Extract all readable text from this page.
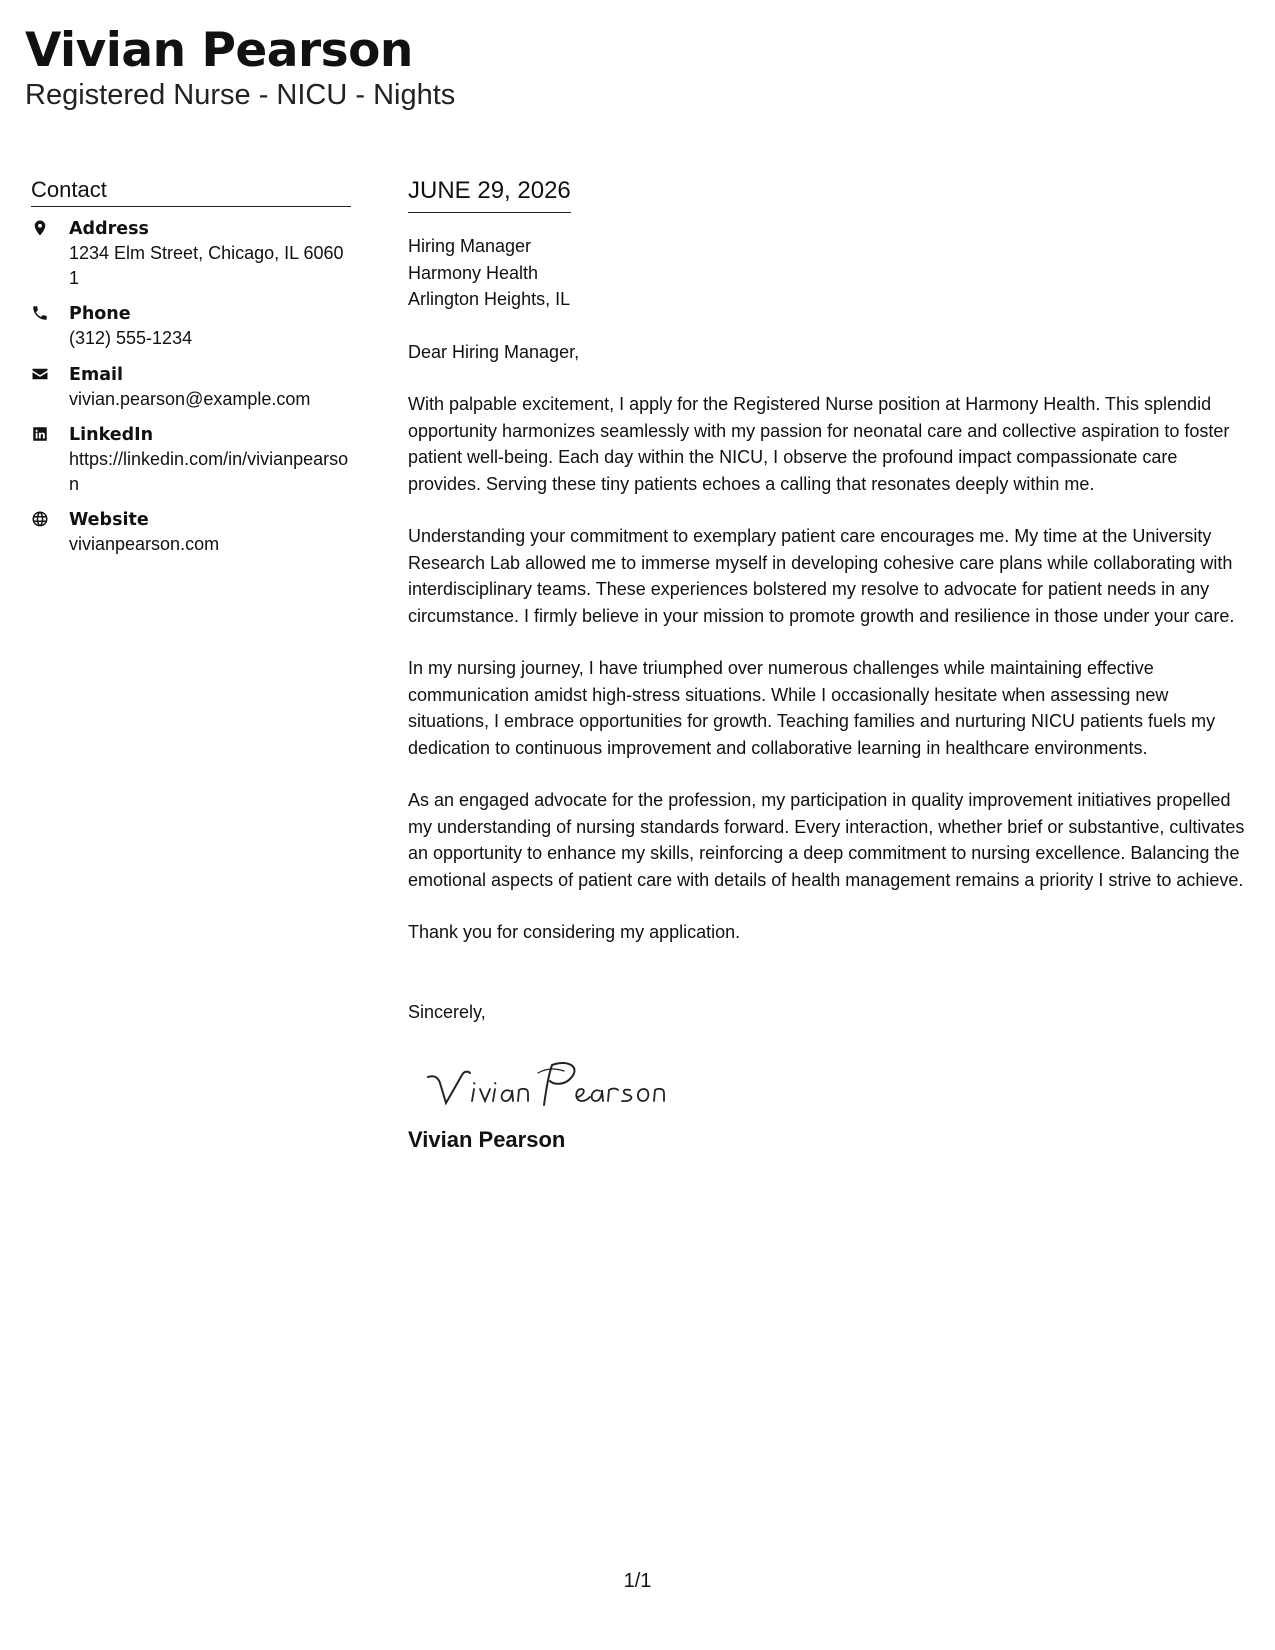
Vivian Pearson
Registered Nurse - NICU - Nights
Contact
Address
1234 Elm Street, Chicago, IL 60601
Phone
(312) 555-1234
Email
vivian.pearson@example.com
LinkedIn
https://linkedin.com/in/vivianpearson
Website
vivianpearson.com
JUNE 29, 2026
Hiring Manager
Harmony Health
Arlington Heights, IL
Dear Hiring Manager,
With palpable excitement, I apply for the Registered Nurse position at Harmony Health. This splendid opportunity harmonizes seamlessly with my passion for neonatal care and collective aspiration to foster patient well-being. Each day within the NICU, I observe the profound impact compassionate care provides. Serving these tiny patients echoes a calling that resonates deeply within me.
Understanding your commitment to exemplary patient care encourages me. My time at the University Research Lab allowed me to immerse myself in developing cohesive care plans while collaborating with interdisciplinary teams. These experiences bolstered my resolve to advocate for patient needs in any circumstance. I firmly believe in your mission to promote growth and resilience in those under your care.
In my nursing journey, I have triumphed over numerous challenges while maintaining effective communication amidst high-stress situations. While I occasionally hesitate when assessing new situations, I embrace opportunities for growth. Teaching families and nurturing NICU patients fuels my dedication to continuous improvement and collaborative learning in healthcare environments.
As an engaged advocate for the profession, my participation in quality improvement initiatives propelled my understanding of nursing standards forward. Every interaction, whether brief or substantive, cultivates an opportunity to enhance my skills, reinforcing a deep commitment to nursing excellence. Balancing the emotional aspects of patient care with details of health management remains a priority I strive to achieve.
Thank you for considering my application.
Sincerely,
Vivian Pearson
1/1
